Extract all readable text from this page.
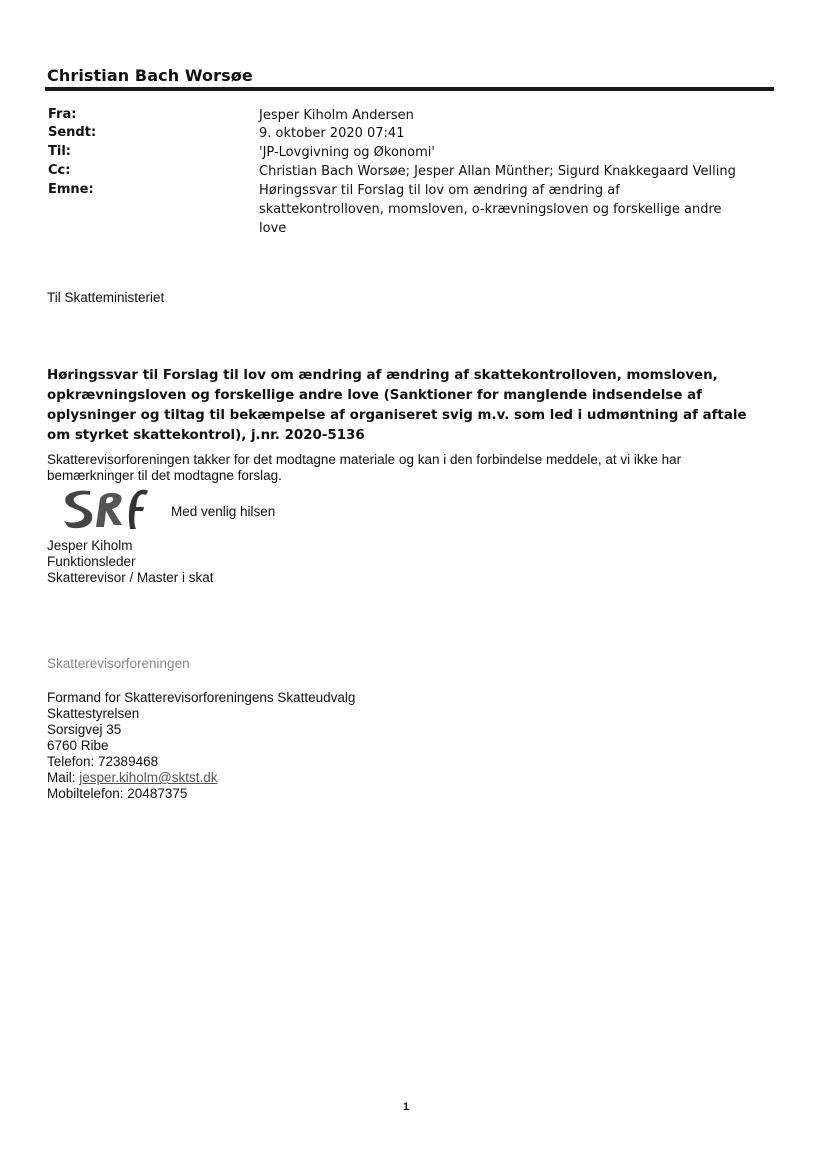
Christian Bach Worsøe
Fra:	Jesper Kiholm Andersen
Sendt:	9. oktober 2020 07:41
Til:	'JP-Lovgivning og Økonomi'
Cc:	Christian Bach Worsøe; Jesper Allan Münther; Sigurd Knakkegaard Velling
Emne:	Høringssvar til Forslag til lov om ændring af ændring af skattekontrolloven, momsloven, o-krævningsloven og forskellige andre love
Til Skatteministeriet
Høringssvar til Forslag til lov om ændring af ændring af skattekontrolloven, momsloven, opkrævningsloven og forskellige andre love (Sanktioner for manglende indsendelse af oplysninger og tiltag til bekæmpelse af organiseret svig m.v. som led i udmøntning af aftale om styrket skattekontrol), j.nr. 2020-5136
Skatterevisorforeningen takker for det modtagne materiale og kan i den forbindelse meddele, at vi ikke har bemærkninger til det modtagne forslag.
Med venlig hilsen
Jesper Kiholm
Funktionsleder
Skatterevisor / Master i skat
Skatterevisorforeningen
Formand for Skatterevisorforeningens Skatteudvalg
Skattestyrelsen
Sorsigvej 35
6760 Ribe
Telefon: 72389468
Mail: jesper.kiholm@sktst.dk
Mobiltelefon: 20487375
1
